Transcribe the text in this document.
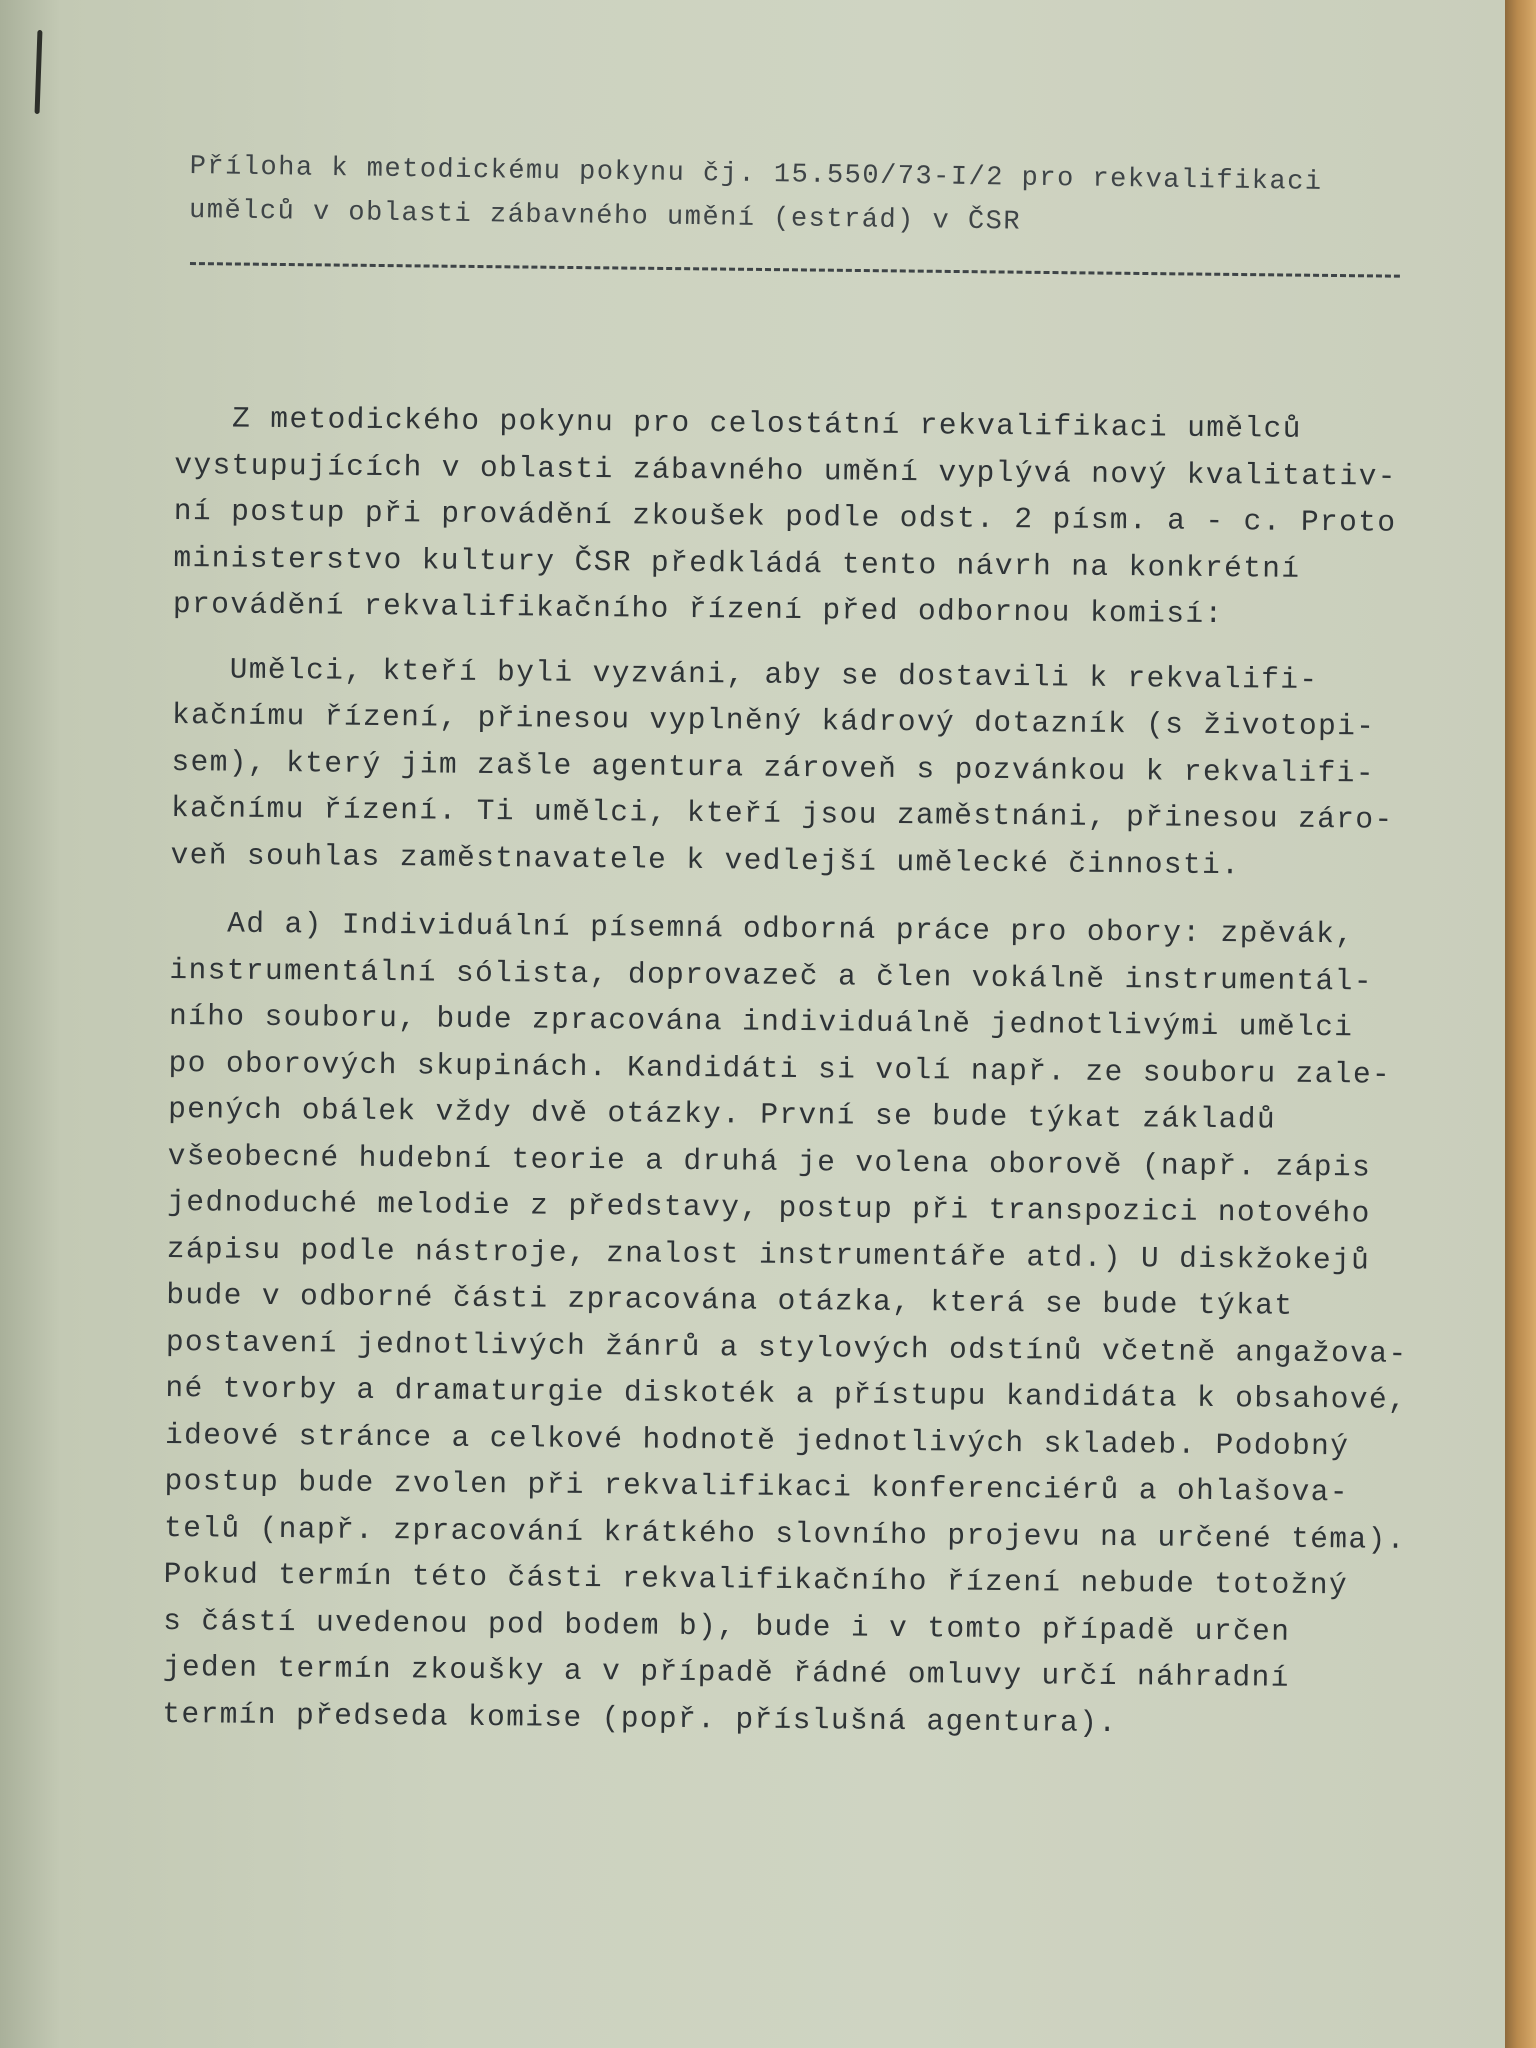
Příloha k metodickému pokynu čj. 15.550/73-I/2 pro rekvalifikaci
umělců v oblasti zábavného umění (estrád) v ČSR
Z metodického pokynu pro celostátní rekvalifikaci umělců
vystupujících v oblasti zábavného umění vyplývá nový kvalitativ-
ní postup při provádění zkoušek podle odst. 2 písm. a - c. Proto
ministerstvo kultury ČSR předkládá tento návrh na konkrétní
provádění rekvalifikačního řízení před odbornou komisí:
Umělci, kteří byli vyzváni, aby se dostavili k rekvalifi-
kačnímu řízení, přinesou vyplněný kádrový dotazník (s životopi-
sem), který jim zašle agentura zároveň s pozvánkou k rekvalifi-
kačnímu řízení. Ti umělci, kteří jsou zaměstnáni, přinesou záro-
veň souhlas zaměstnavatele k vedlejší umělecké činnosti.
Ad a) Individuální písemná odborná práce pro obory: zpěvák,
instrumentální sólista, doprovazeč a člen vokálně instrumentál-
ního souboru, bude zpracována individuálně jednotlivými umělci
po oborových skupinách. Kandidáti si volí např. ze souboru zale-
pených obálek vždy dvě otázky. První se bude týkat základů
všeobecné hudební teorie a druhá je volena oborově (např. zápis
jednoduché melodie z představy, postup při transpozici notového
zápisu podle nástroje, znalost instrumentáře atd.) U diskžokejů
bude v odborné části zpracována otázka, která se bude týkat
postavení jednotlivých žánrů a stylových odstínů včetně angažova-
né tvorby a dramaturgie diskoték a přístupu kandidáta k obsahové,
ideové stránce a celkové hodnotě jednotlivých skladeb. Podobný
postup bude zvolen při rekvalifikaci konferenciérů a ohlašova-
telů (např. zpracování krátkého slovního projevu na určené téma).
Pokud termín této části rekvalifikačního řízení nebude totožný
s částí uvedenou pod bodem b), bude i v tomto případě určen
jeden termín zkoušky a v případě řádné omluvy určí náhradní
termín předseda komise (popř. příslušná agentura).
